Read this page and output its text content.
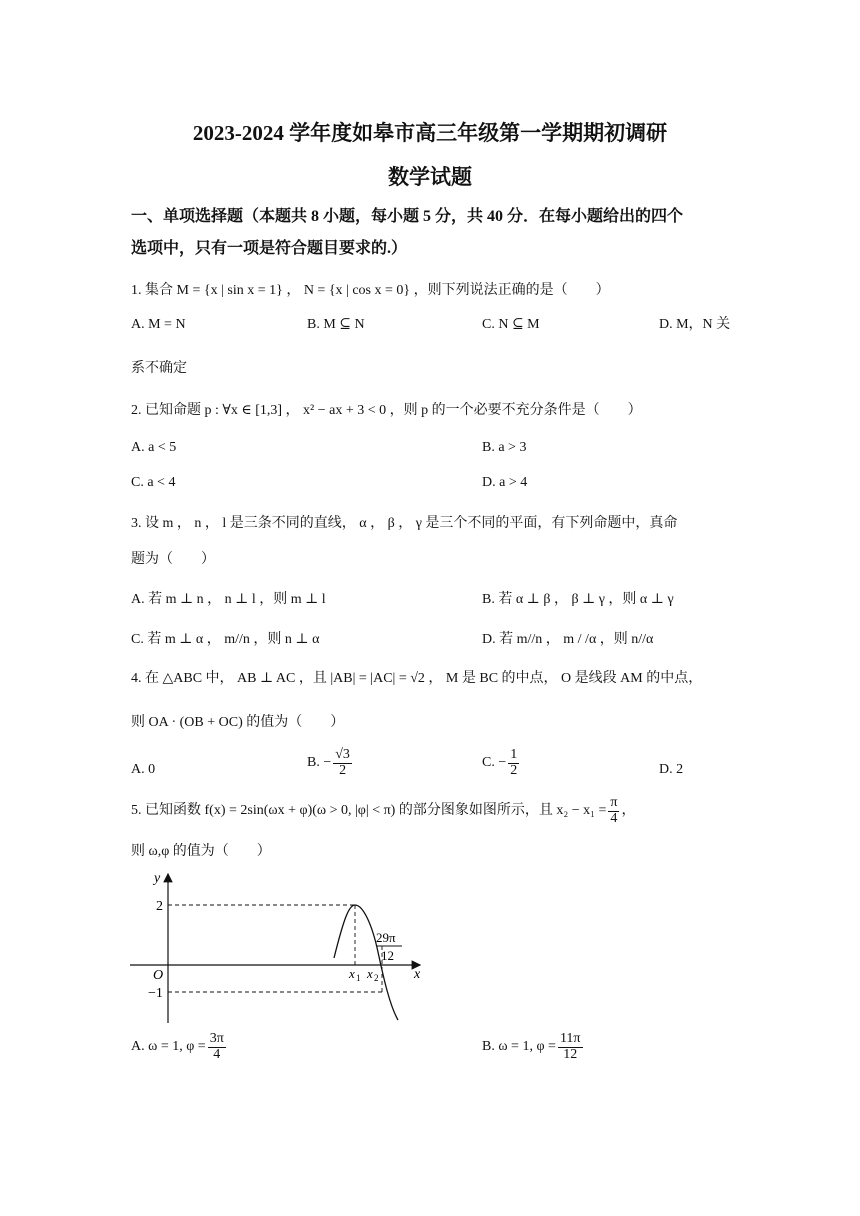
2023-2024 学年度如皋市高三年级第一学期期初调研
数学试题
一、单项选择题（本题共 8 小题，每小题 5 分，共 40 分．在每小题给出的四个
选项中，只有一项是符合题目要求的.）
1. 集合 M = {x | sin x = 1} ， N = {x | cos x = 0} ，则下列说法正确的是（　　）
A. M = N	B. M ⊆ N	C. N ⊆ M	D. M，N 关
系不确定
2. 已知命题 p : ∀x ∈ [1,3] ， x² − ax + 3 < 0 ，则 p 的一个必要不充分条件是（　　）
A. a < 5	B. a > 3
C. a < 4	D. a > 4
3. 设 m ， n ， l 是三条不同的直线， α ， β ， γ 是三个不同的平面，有下列命题中，真命
题为（　　）
A. 若 m ⊥ n ， n ⊥ l ，则 m ⊥ l	B. 若 α ⊥ β ， β ⊥ γ ，则 α ⊥ γ
C. 若 m ⊥ α ， m//n ，则 n ⊥ α	D. 若 m//n ， m / /α ，则 n//α
4. 在 △ABC 中， AB ⊥ AC ，且 |AB| = |AC| = √2 ， M 是 BC 的中点， O 是线段 AM 的中点，
则 OA · (OB + OC) 的值为（　　）
A. 0	B. − $\frac{√3}{2}$	C. − $\frac{1}{2}$	D. 2
5. 已知函数 f(x) = 2sin(ωx + φ)(ω > 0, |φ| < π) 的部分图象如图所示，且 $x_2 - x_1 = \frac{\pi}{4}$ ，
则 ω,φ 的值为（　　）
y
x
O
2
−1
x 1 x 2
29π
12
A. ω = 1, $\varphi = \frac{3\pi}{4}$	B. ω = 1, $\varphi = \frac{11\pi}{12}$
